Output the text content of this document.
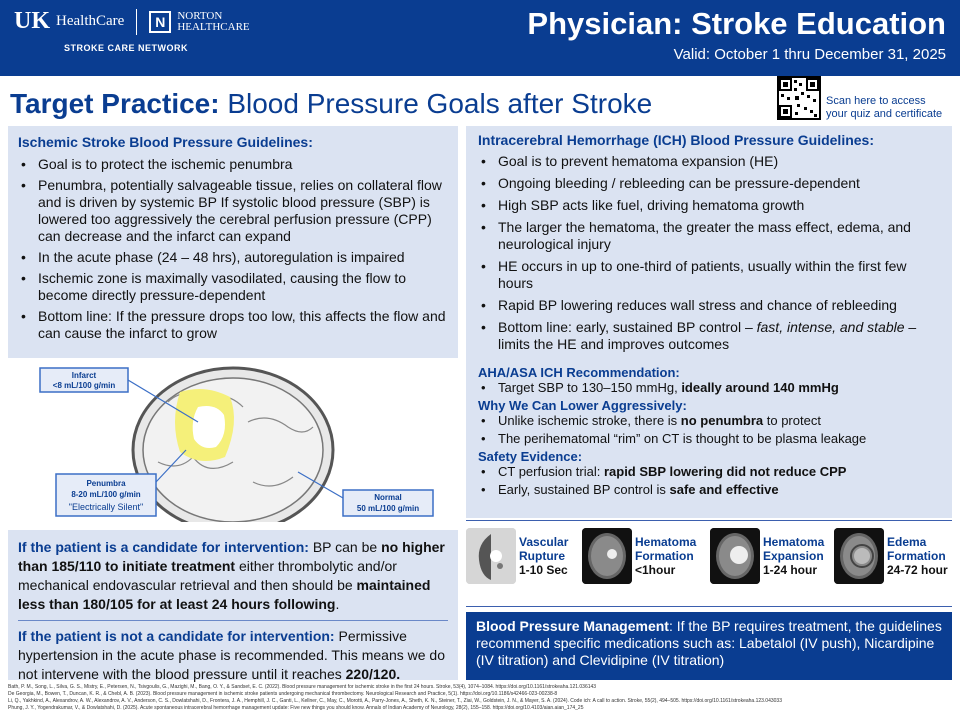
UK HealthCare	N	NORTON
HEALTHCARE
STROKE CARE NETWORK
Physician: Stroke Education
Valid: October 1 thru December 31, 2025
Target Practice: Blood Pressure Goals after Stroke	Scan here to access
your quiz and certificate
Ischemic Stroke Blood Pressure Guidelines:
• Goal is to protect the ischemic penumbra
• Penumbra, potentially salvageable tissue, relies on collateral flow and is driven by systemic BP If systolic blood pressure (SBP) is lowered too aggressively the cerebral perfusion pressure (CPP) can decrease and the infarct can expand
• In the acute phase (24 – 48 hrs), autoregulation is impaired
• Ischemic zone is maximally vasodilated, causing the flow to become directly pressure-dependent
• Bottom line: If the pressure drops too low, this affects the flow and can cause the infarct to grow
Infarct
<8 mL/100 g/min
Penumbra
8-20 mL/100 g/min
"Electrically Silent"
Normal
50 mL/100 g/min
If the patient is a candidate for intervention: BP can be no higher than 185/110 to initiate treatment either thrombolytic and/or mechanical endovascular retrieval and then should be maintained less than 180/105 for at least 24 hours following.
If the patient is not a candidate for intervention: Permissive hypertension in the acute phase is recommended. This means we do not intervene with the blood pressure until it reaches 220/120.
Intracerebral Hemorrhage (ICH) Blood Pressure Guidelines:
• Goal is to prevent hematoma expansion (HE)
• Ongoing bleeding / rebleeding can be pressure-dependent
• High SBP acts like fuel, driving hematoma growth
• The larger the hematoma, the greater the mass effect, edema, and neurological injury
• HE occurs in up to one-third of patients, usually within the first few hours
• Rapid BP lowering reduces wall stress and chance of rebleeding
• Bottom line: early, sustained BP control – fast, intense, and stable – limits the HE and improves outcomes
AHA/ASA ICH Recommendation:
• Target SBP to 130–150 mmHg, ideally around 140 mmHg
Why We Can Lower Aggressively:
• Unlike ischemic stroke, there is no penumbra to protect
• The perihematomal “rim” on CT is thought to be plasma leakage
Safety Evidence:
• CT perfusion trial: rapid SBP lowering did not reduce CPP
• Early, sustained BP control is safe and effective
Vascular
Rupture
1-10 Sec
Hematoma
Formation
<1hour
Hematoma
Expansion
1-24 hour
Edema
Formation
24-72 hour
Blood Pressure Management: If the BP requires treatment, the guidelines recommend specific medications such as: Labetalol (IV push), Nicardipine (IV titration) and Clevidipine (IV titration)
Bath, P. M., Song, L., Silva, G. S., Mistry, E., Petersen, N., Tsivgoulis, G., Mazighi, M., Bang, O. Y., & Sandset, E. C. (2022). Blood pressure management for ischemic stroke in the first 24 hours. Stroke, 53(4), 1074–1084. https://doi.org/10.1161/strokeaha.121.036143
De Georgia, M., Bowen, T., Duncan, K. R., & Chebl, A. B. (2023). Blood pressure management in ischemic stroke patients undergoing mechanical thrombectomy. Neurological Research and Practice, 5(1). https://doi.org/10.1186/s42466-023-00238-8
Li, Q., Yakhkind, A., Alexandrov, A. W., Alexandrov, A. V., Anderson, C. S., Dowlatshahi, D., Frontera, J. A., Hemphill, J. C., Ganti, L., Kellner, C., May, C., Morotti, A., Parry-Jones, A., Sheth, K. N., Steiner, T., Ziai, W., Goldstein, J. N., & Mayer, S. A. (2024). Code ich: A call to action. Stroke, 55(2), 494–505. https://doi.org/10.1161/strokeaha.123.043033
Phung, J. Y., Yogendrakumar, V., & Dowlatshahi, D. (2025). Acute spontaneous intracerebral hemorrhage management update: Five new things you should know. Annals of Indian Academy of Neurology, 28(2), 155–158. https://doi.org/10.4103/aian.aian_174_25
